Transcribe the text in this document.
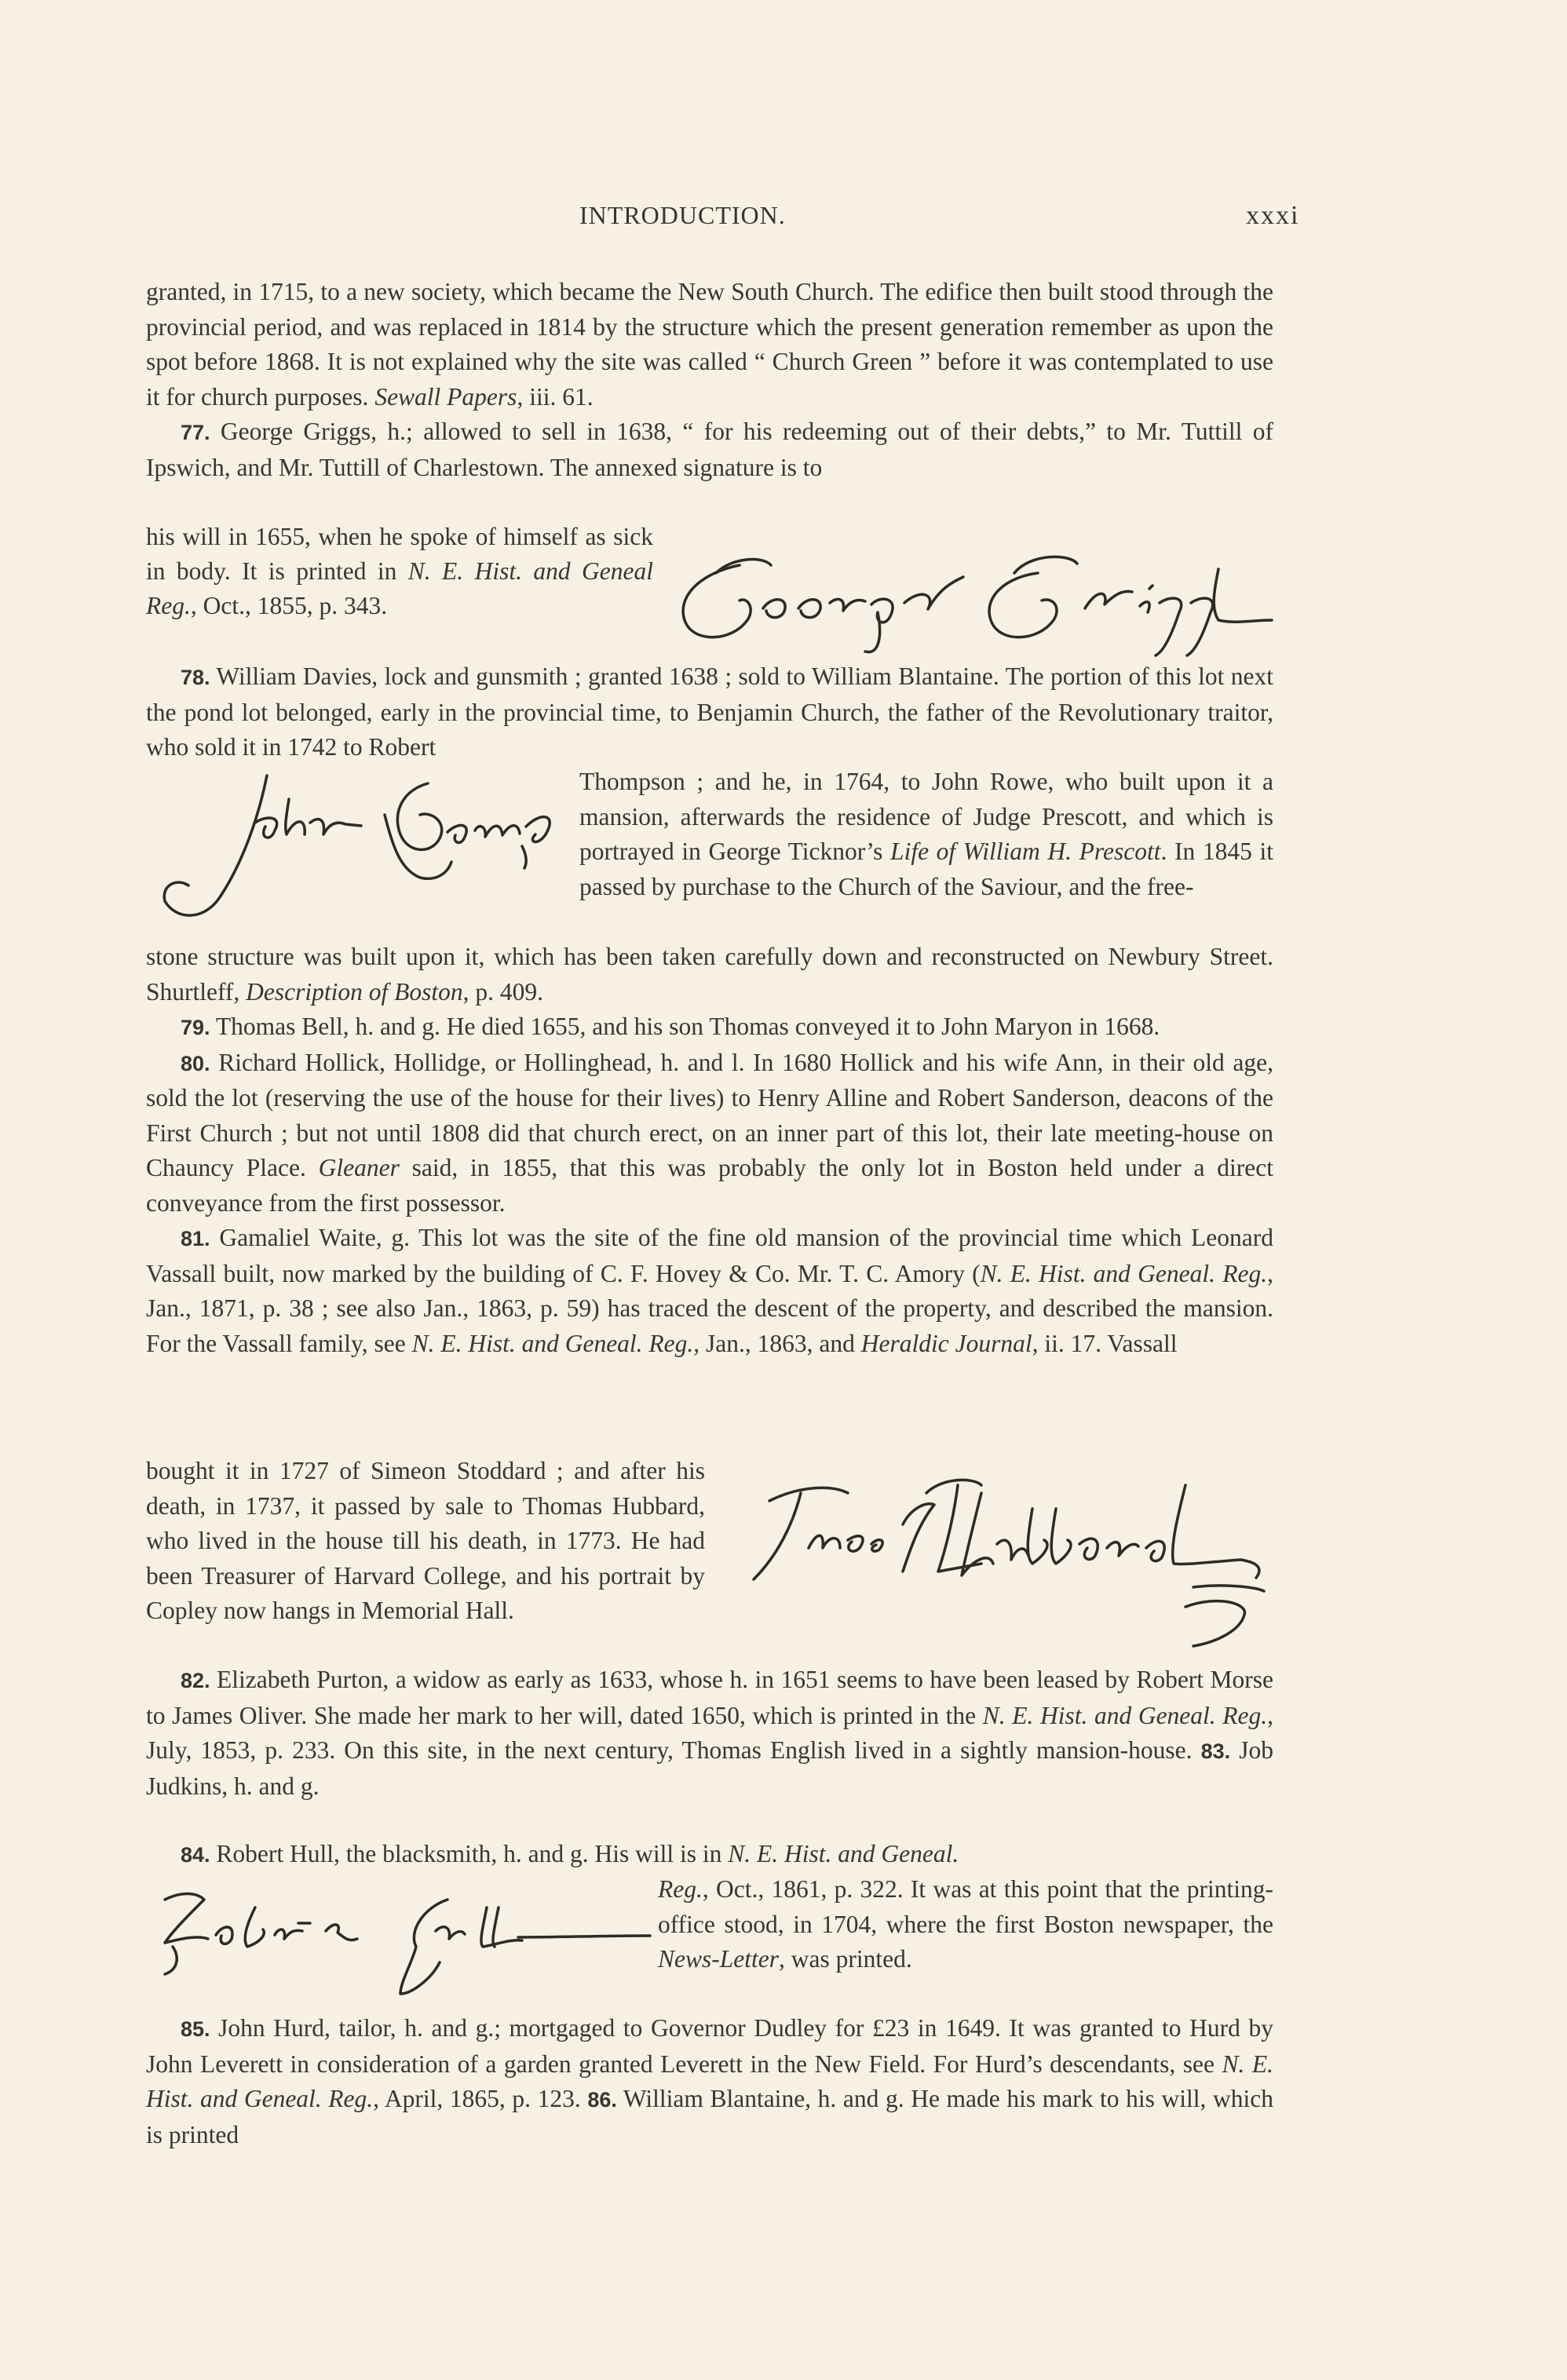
INTRODUCTION.	xxxi

granted, in 1715, to a new society, which became the New South Church. The edifice then built stood through the provincial period, and was replaced in 1814 by the structure which the present generation remember as upon the spot before 1868. It is not explained why the site was called “ Church Green ” before it was contemplated to use it for church purposes. Sewall Papers, iii. 61.

77. George Griggs, h.; allowed to sell in 1638, “ for his redeeming out of their debts,” to Mr. Tuttill of Ipswich, and Mr. Tuttill of Charlestown. The annexed signature is to

his will in 1655, when he spoke of himself as sick in body. It is printed in N. E. Hist. and Geneal Reg., Oct., 1855, p. 343.

78. William Davies, lock and gunsmith ; granted 1638 ; sold to William Blantaine. The portion of this lot next the pond lot belonged, early in the provincial time, to Benjamin Church, the father of the Revolutionary traitor, who sold it in 1742 to Robert

Thompson ; and he, in 1764, to John Rowe, who built upon it a mansion, afterwards the residence of Judge Prescott, and which is portrayed in George Ticknor’s Life of William H. Prescott. In 1845 it passed by purchase to the Church of the Saviour, and the free-

stone structure was built upon it, which has been taken carefully down and reconstructed on Newbury Street. Shurtleff, Description of Boston, p. 409.

79. Thomas Bell, h. and g. He died 1655, and his son Thomas conveyed it to John Maryon in 1668.

80. Richard Hollick, Hollidge, or Hollinghead, h. and l. In 1680 Hollick and his wife Ann, in their old age, sold the lot (reserving the use of the house for their lives) to Henry Alline and Robert Sanderson, deacons of the First Church ; but not until 1808 did that church erect, on an inner part of this lot, their late meeting-house on Chauncy Place. Gleaner said, in 1855, that this was probably the only lot in Boston held under a direct conveyance from the first possessor.

81. Gamaliel Waite, g. This lot was the site of the fine old mansion of the provincial time which Leonard Vassall built, now marked by the building of C. F. Hovey & Co. Mr. T. C. Amory (N. E. Hist. and Geneal. Reg., Jan., 1871, p. 38 ; see also Jan., 1863, p. 59) has traced the descent of the property, and described the mansion. For the Vassall family, see N. E. Hist. and Geneal. Reg., Jan., 1863, and Heraldic Journal, ii. 17. Vassall

bought it in 1727 of Simeon Stoddard ; and after his death, in 1737, it passed by sale to Thomas Hubbard, who lived in the house till his death, in 1773. He had been Treasurer of Harvard College, and his portrait by Copley now hangs in Memorial Hall.

82. Elizabeth Purton, a widow as early as 1633, whose h. in 1651 seems to have been leased by Robert Morse to James Oliver. She made her mark to her will, dated 1650, which is printed in the N. E. Hist. and Geneal. Reg., July, 1853, p. 233. On this site, in the next century, Thomas English lived in a sightly mansion-house. 83. Job Judkins, h. and g.

84. Robert Hull, the blacksmith, h. and g. His will is in N. E. Hist. and Geneal.

Reg., Oct., 1861, p. 322. It was at this point that the printing-office stood, in 1704, where the first Boston newspaper, the News-Letter, was printed.

85. John Hurd, tailor, h. and g.; mortgaged to Governor Dudley for £23 in 1649. It was granted to Hurd by John Leverett in consideration of a garden granted Leverett in the New Field. For Hurd’s descendants, see N. E. Hist. and Geneal. Reg., April, 1865, p. 123. 86. William Blantaine, h. and g. He made his mark to his will, which is printed
